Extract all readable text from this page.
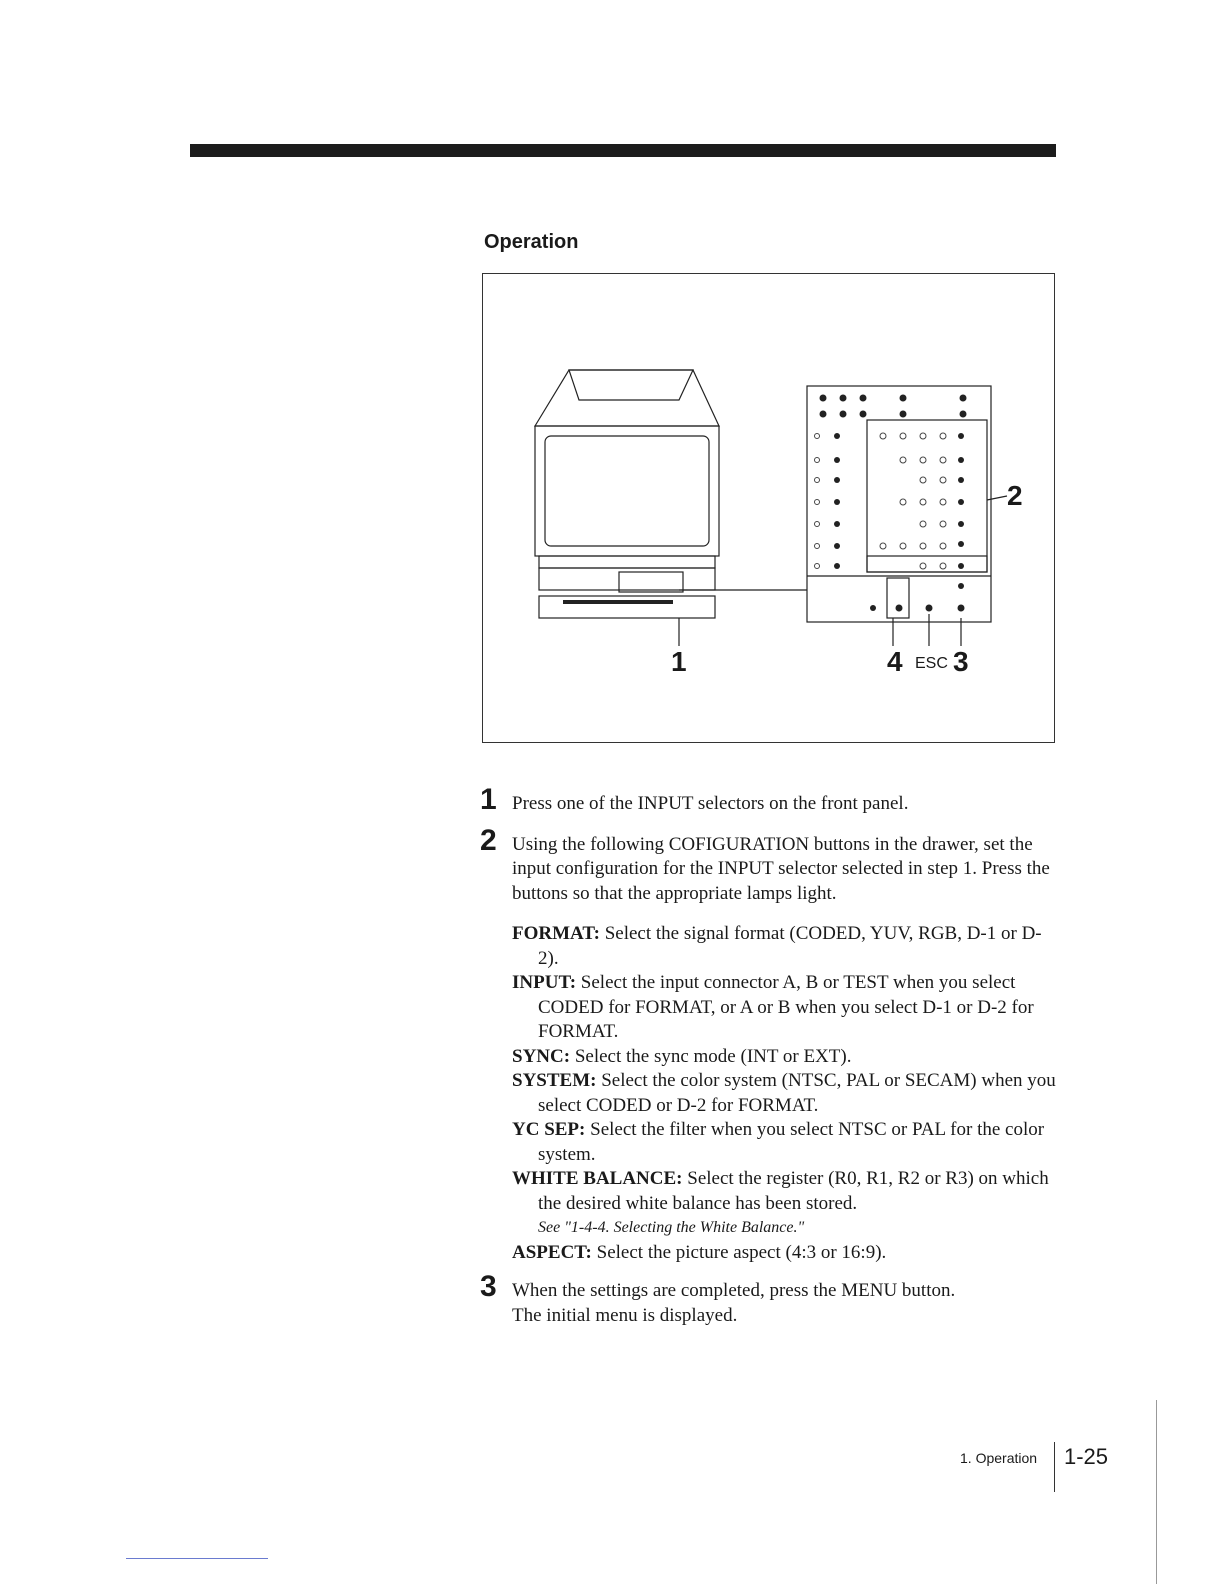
Operation
1
2
4 ESC 3
1 Press one of the INPUT selectors on the front panel.
2 Using the following COFIGURATION buttons in the drawer, set the input configuration for the INPUT selector selected in step 1. Press the buttons so that the appropriate lamps light.
FORMAT: Select the signal format (CODED, YUV, RGB, D-1 or D-2).
INPUT: Select the input connector A, B or TEST when you select CODED for FORMAT, or A or B when you select D-1 or D-2 for FORMAT.
SYNC: Select the sync mode (INT or EXT).
SYSTEM: Select the color system (NTSC, PAL or SECAM) when you select CODED or D-2 for FORMAT.
YC SEP: Select the filter when you select NTSC or PAL for the color system.
WHITE BALANCE: Select the register (R0, R1, R2 or R3) on which the desired white balance has been stored.
See "1-4-4. Selecting the White Balance."
ASPECT: Select the picture aspect (4:3 or 16:9).
3 When the settings are completed, press the MENU button.
The initial menu is displayed.
1. Operation 1-25
